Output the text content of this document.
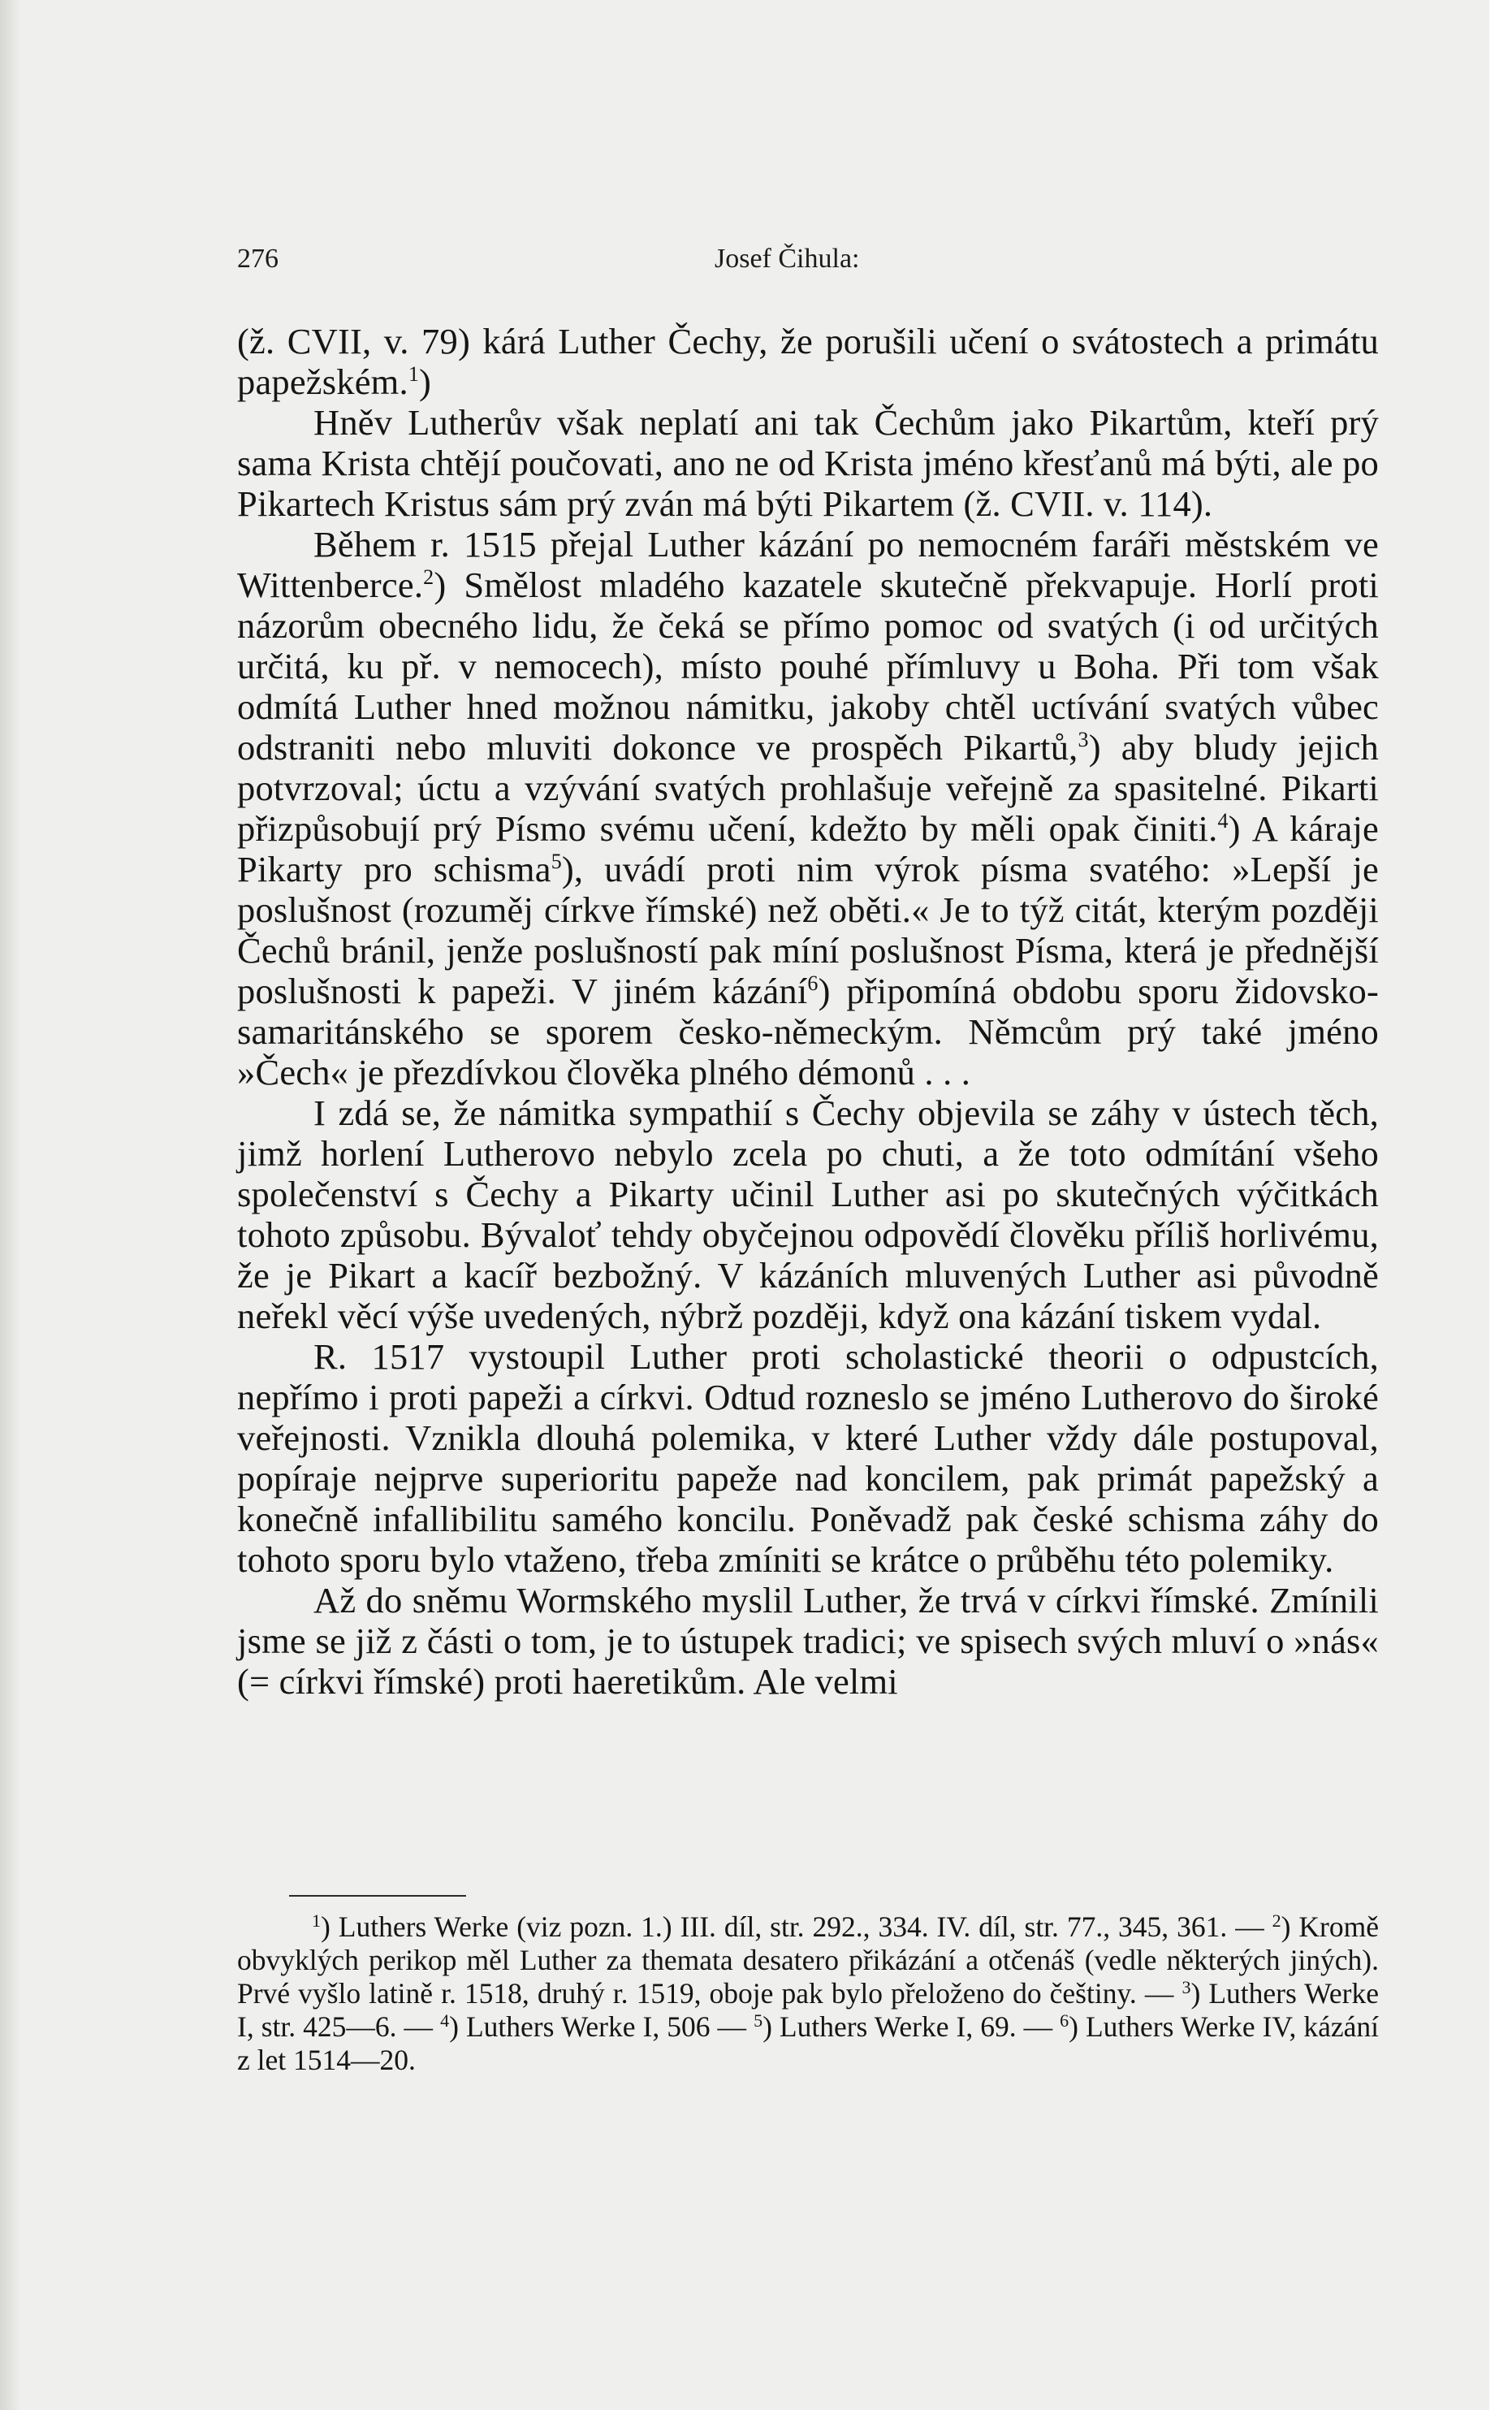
276	Josef Čihula:

(ž. CVII, v. 79) kárá Luther Čechy, že porušili učení o svátostech a primátu papežském.$^1$)

Hněv Lutherův však neplatí ani tak Čechům jako Pikartům, kteří prý sama Krista chtějí poučovati, ano ne od Krista jméno křesťanů má býti, ale po Pikartech Kristus sám prý zván má býti Pikartem (ž. CVII. v. 114).

Během r. 1515 přejal Luther kázání po nemocném faráři městském ve Wittenberce.$^2$) Smělost mladého kazatele skutečně překvapuje. Horlí proti názorům obecného lidu, že čeká se přímo pomoc od svatých (i od určitých určitá, ku př. v nemocech), místo pouhé přímluvy u Boha. Při tom však odmítá Luther hned možnou námitku, jakoby chtěl uctívání svatých vůbec odstraniti nebo mluviti dokonce ve prospěch Pikartů,$^3$) aby bludy jejich potvrzoval; úctu a vzývání svatých prohlašuje veřejně za spasitelné. Pikarti přizpůsobují prý Písmo svému učení, kdežto by měli opak činiti.$^4$) A káraje Pikarty pro schisma$^5$), uvádí proti nim výrok písma svatého: »Lepší je poslušnost (rozuměj církve římské) než oběti.« Je to týž citát, kterým později Čechů bránil, jenže poslušností pak míní poslušnost Písma, která je přednější poslušnosti k papeži. V jiném kázání$^6$) připomíná obdobu sporu židovsko-samaritánského se sporem česko-německým. Němcům prý také jméno »Čech« je přezdívkou člověka plného démonů . . .

I zdá se, že námitka sympathií s Čechy objevila se záhy v ústech těch, jimž horlení Lutherovo nebylo zcela po chuti, a že toto odmítání všeho společenství s Čechy a Pikarty učinil Luther asi po skutečných výčitkách tohoto způsobu. Bývaloť tehdy obyčejnou odpovědí člověku příliš horlivému, že je Pikart a kacíř bezbožný. V kázáních mluvených Luther asi původně neřekl věcí výše uvedených, nýbrž později, když ona kázání tiskem vydal.

R. 1517 vystoupil Luther proti scholastické theorii o odpustcích, nepřímo i proti papeži a církvi. Odtud rozneslo se jméno Lutherovo do široké veřejnosti. Vznikla dlouhá polemika, v které Luther vždy dále postupoval, popíraje nejprve superioritu papeže nad koncilem, pak primát papežský a konečně infallibilitu samého koncilu. Poněvadž pak české schisma záhy do tohoto sporu bylo vtaženo, třeba zmíniti se krátce o průběhu této polemiky.

Až do sněmu Wormského myslil Luther, že trvá v církvi římské. Zmínili jsme se již z části o tom, je to ústupek tradici; ve spisech svých mluví o »nás« (= církvi římské) proti haeretikům. Ale velmi

$^1$) Luthers Werke (viz pozn. 1.) III. díl, str. 292., 334. IV. díl, str. 77., 345, 361. — $^2$) Kromě obvyklých perikop měl Luther za themata desatero přikázání a otčenáš (vedle některých jiných). Prvé vyšlo latině r. 1518, druhý r. 1519, oboje pak bylo přeloženo do češtiny. — $^3$) Luthers Werke I, str. 425—6. — $^4$) Luthers Werke I, 506 — $^5$) Luthers Werke I, 69. — $^6$) Luthers Werke IV, kázání z let 1514—20.
